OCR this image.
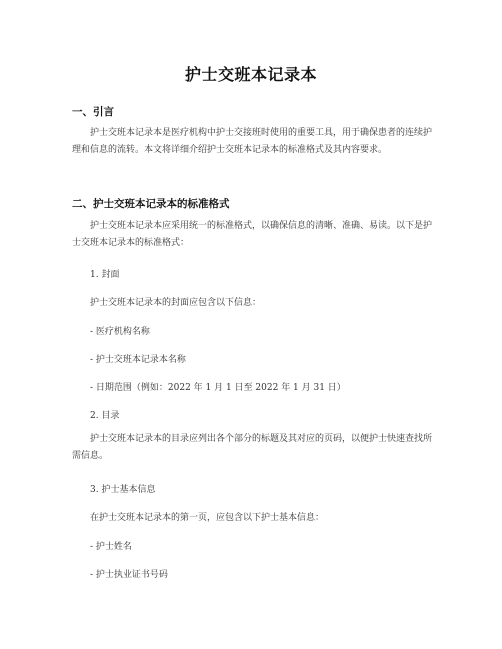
护士交班本记录本
一、引言
护士交班本记录本是医疗机构中护士交接班时使用的重要工具，用于确保患者的连续护理和信息的流转。本文将详细介绍护士交班本记录本的标准格式及其内容要求。
二、护士交班本记录本的标准格式
护士交班本记录本应采用统一的标准格式，以确保信息的清晰、准确、易读。以下是护士交班本记录本的标准格式：
1. 封面
护士交班本记录本的封面应包含以下信息：
- 医疗机构名称
- 护士交班本记录本名称
- 日期范围（例如：2022 年 1 月 1 日至 2022 年 1 月 31 日）
2. 目录
护士交班本记录本的目录应列出各个部分的标题及其对应的页码，以便护士快速查找所需信息。
3. 护士基本信息
在护士交班本记录本的第一页，应包含以下护士基本信息：
- 护士姓名
- 护士执业证书号码
